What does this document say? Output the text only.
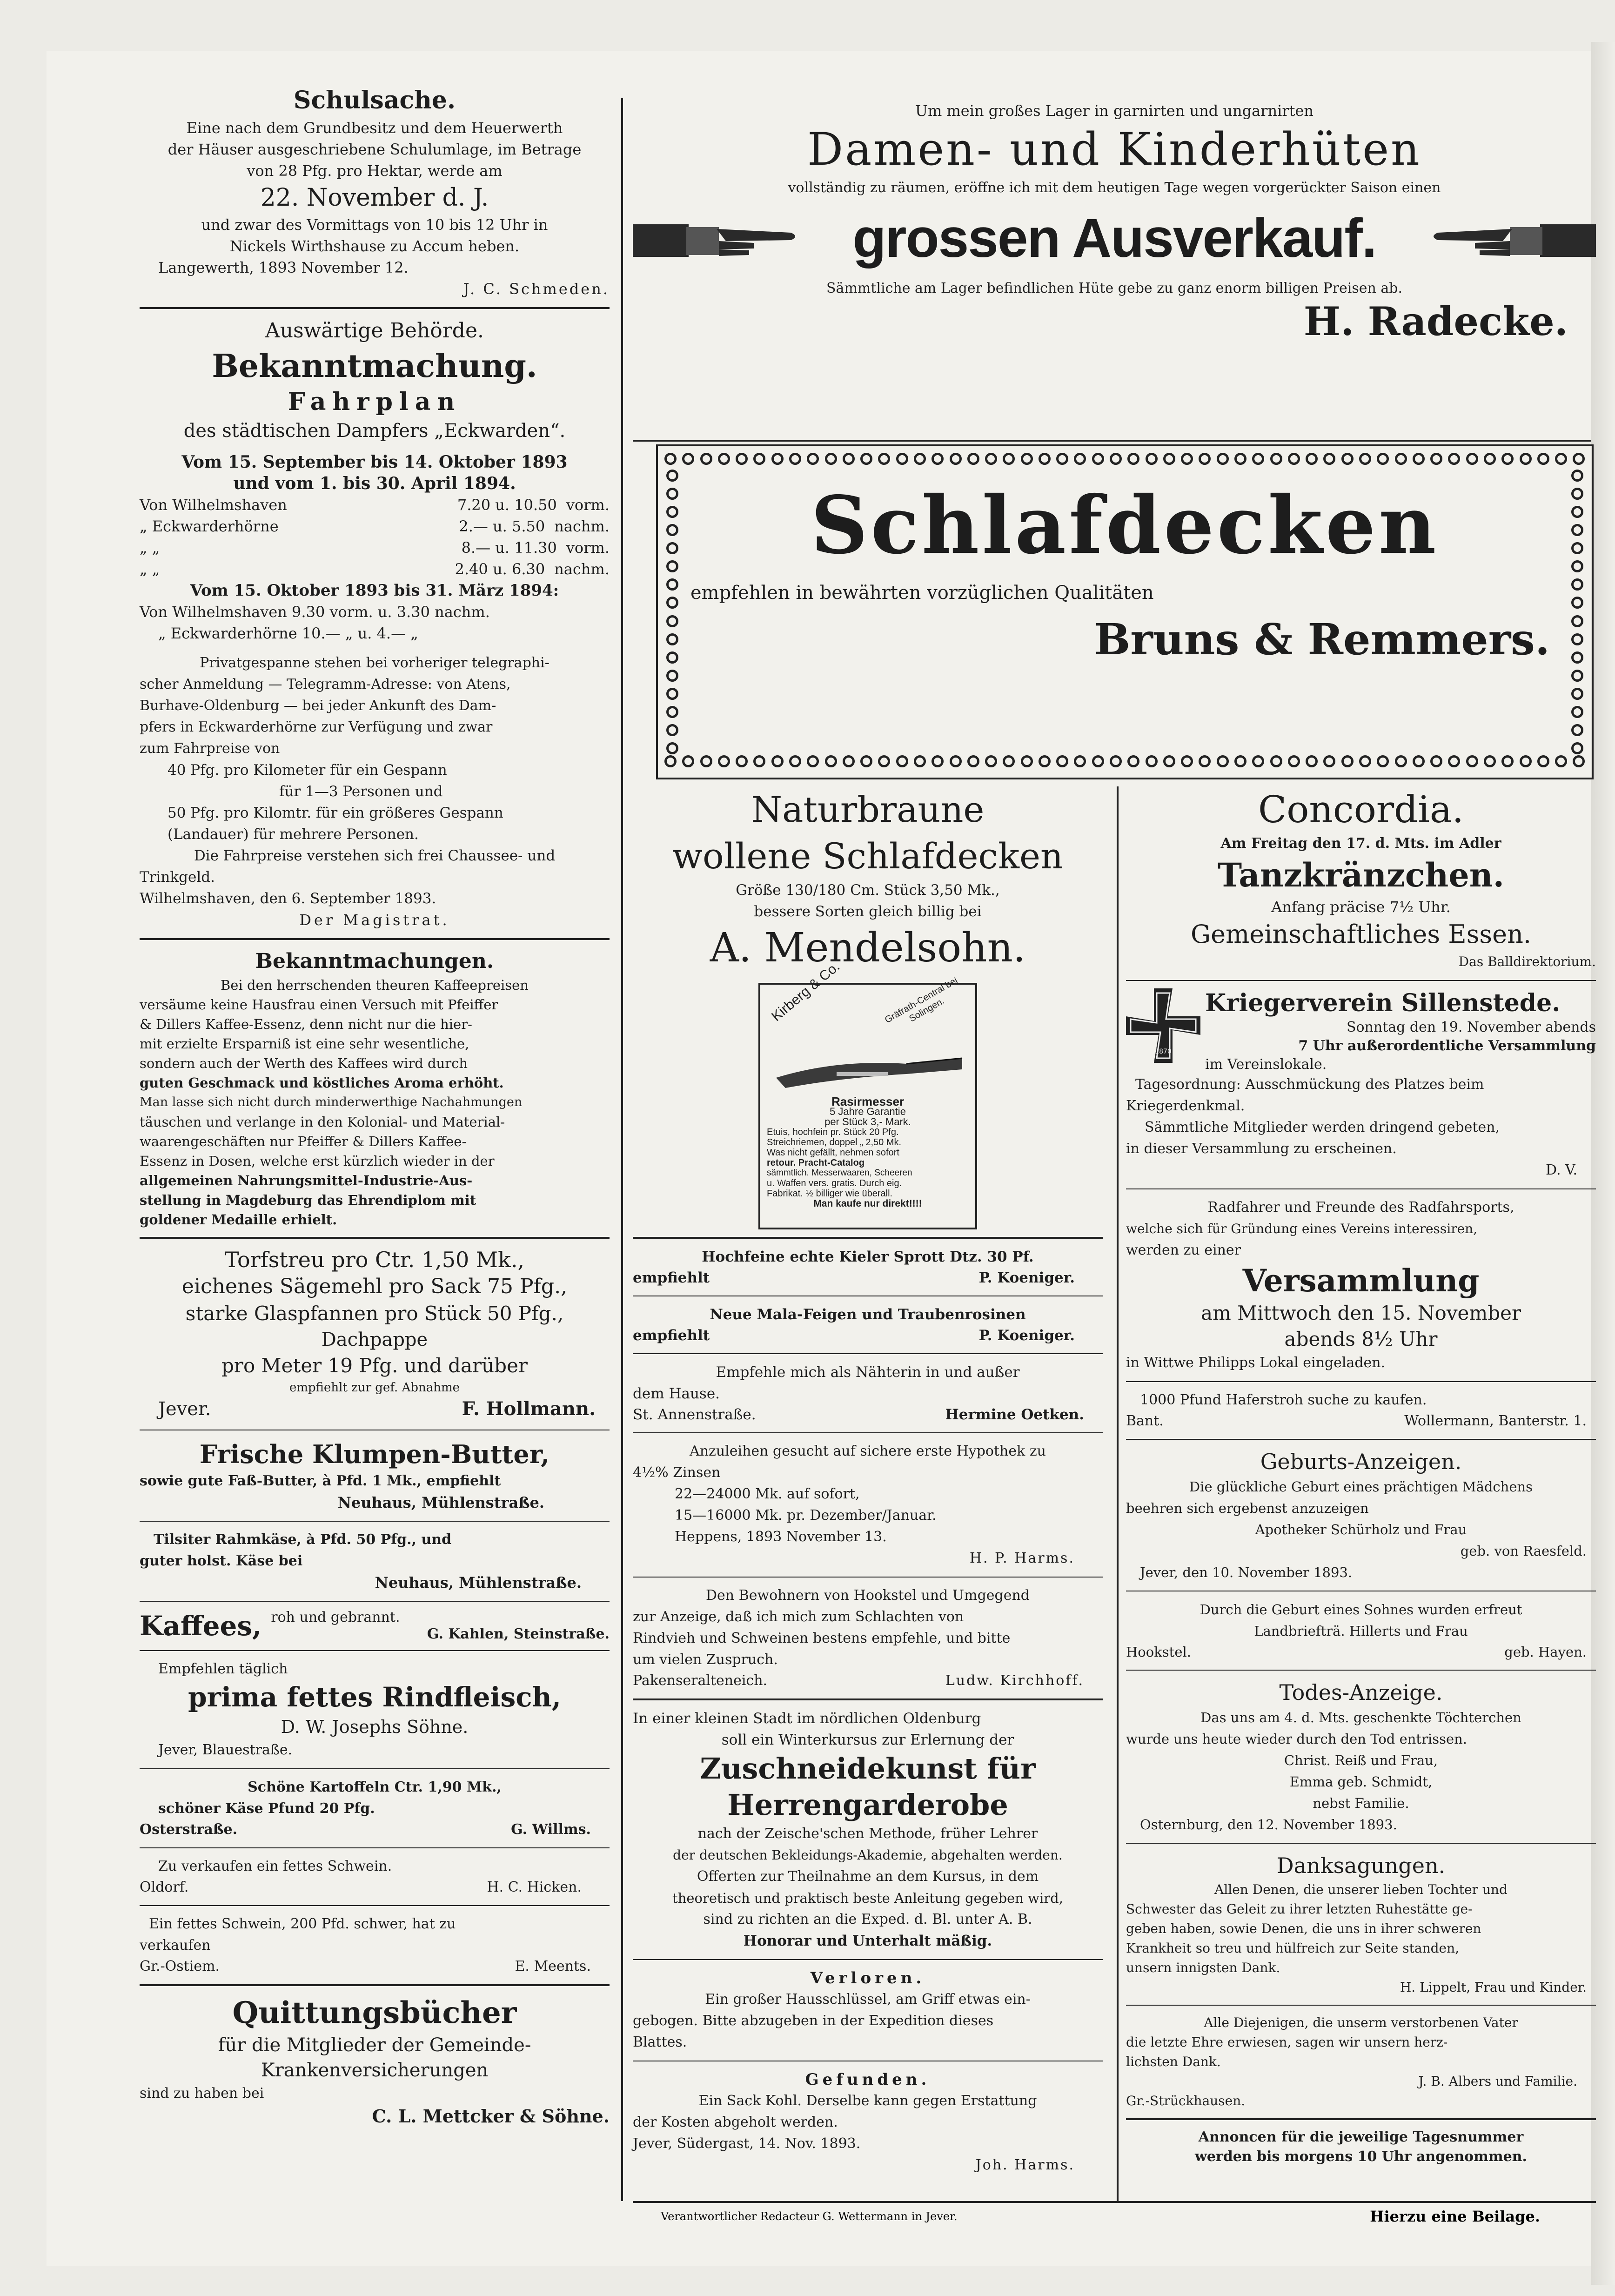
Schulsache.
Eine nach dem Grundbesitz und dem Heuerwerth
der Häuser ausgeschriebene Schulumlage, im Betrage
von 28 Pfg. pro Hektar, werde am
22. November d. J.
und zwar des Vormittags von 10 bis 12 Uhr in
Nickels Wirthshause zu Accum heben.
Langewerth, 1893 November 12.
J. C. Schmeden.
Auswärtige Behörde.
Bekanntmachung.
Fahrplan
des städtischen Dampfers „Eckwarden“.
Vom 15. September bis 14. Oktober 1893
und vom 1. bis 30. April 1894.
Von Wilhelmshaven	7.20 u. 10.50 vorm.
„ Eckwarderhörne	2.— u. 5.50 nachm.
„ „	8.— u. 11.30 vorm.
„ „	2.40 u. 6.30 nachm.
Vom 15. Oktober 1893 bis 31. März 1894:
Von Wilhelmshaven 9.30 vorm. u. 3.30 nachm.
„ Eckwarderhörne 10.— „ u. 4.— „
Privatgespanne stehen bei vorheriger telegraphi-
scher Anmeldung — Telegramm-Adresse: von Atens,
Burhave-Oldenburg — bei jeder Ankunft des Dam-
pfers in Eckwarderhörne zur Verfügung und zwar
zum Fahrpreise von
40 Pfg. pro Kilometer für ein Gespann
für 1—3 Personen und
50 Pfg. pro Kilomtr. für ein größeres Gespann
(Landauer) für mehrere Personen.
Die Fahrpreise verstehen sich frei Chaussee- und
Trinkgeld.
Wilhelmshaven, den 6. September 1893.
Der Magistrat.
Bekanntmachungen.
Bei den herrschenden theuren Kaffeepreisen
versäume keine Hausfrau einen Versuch mit Pfeiffer
& Dillers Kaffee-Essenz, denn nicht nur die hier-
mit erzielte Ersparniß ist eine sehr wesentliche,
sondern auch der Werth des Kaffees wird durch
guten Geschmack und köstliches Aroma erhöht.
Man lasse sich nicht durch minderwerthige Nachahmungen
täuschen und verlange in den Kolonial- und Material-
waarengeschäften nur Pfeiffer & Dillers Kaffee-
Essenz in Dosen, welche erst kürzlich wieder in der
allgemeinen Nahrungsmittel-Industrie-Aus-
stellung in Magdeburg das Ehrendiplom mit
goldener Medaille erhielt.
Torfstreu pro Ctr. 1,50 Mk.,
eichenes Sägemehl pro Sack 75 Pfg.,
starke Glaspfannen pro Stück 50 Pfg.,
Dachpappe
pro Meter 19 Pfg. und darüber
empfiehlt zur gef. Abnahme
Jever.	F. Hollmann.
Frische Klumpen-Butter,
sowie gute Faß-Butter, à Pfd. 1 Mk., empfiehlt
Neuhaus, Mühlenstraße.
Tilsiter Rahmkäse, à Pfd. 50 Pfg., und
guter holst. Käse bei
Neuhaus, Mühlenstraße.
Kaffees, roh und gebrannt.
G. Kahlen, Steinstraße.
Empfehlen täglich
prima fettes Rindfleisch,
D. W. Josephs Söhne.
Jever, Blauestraße.
Schöne Kartoffeln Ctr. 1,90 Mk.,
schöner Käse Pfund 20 Pfg.
Osterstraße.	G. Willms.
Zu verkaufen ein fettes Schwein.
Oldorf.	H. C. Hicken.
Ein fettes Schwein, 200 Pfd. schwer, hat zu
verkaufen
Gr.-Ostiem.	E. Meents.
Quittungsbücher
für die Mitglieder der Gemeinde-
Krankenversicherungen
sind zu haben bei
C. L. Mettcker & Söhne.
Um mein großes Lager in garnirten und ungarnirten
Damen- und Kinderhüten
vollständig zu räumen, eröffne ich mit dem heutigen Tage wegen vorgerückter Saison einen
grossen Ausverkauf.
Sämmtliche am Lager befindlichen Hüte gebe zu ganz enorm billigen Preisen ab.
H. Radecke.
Schlafdecken
empfehlen in bewährten vorzüglichen Qualitäten
Bruns & Remmers.
Naturbraune
wollene Schlafdecken
Größe 130/180 Cm. Stück 3,50 Mk.,
bessere Sorten gleich billig bei
A. Mendelsohn.
Kirberg & Co.	Gräfrath-Central bei Solingen.
Rasirmesser
5 Jahre Garantie
per Stück 3,- Mark.
Etuis, hochfein pr. Stück 20 Pfg.
Streichriemen, doppel „ 2,50 Mk.
Was nicht gefällt, nehmen sofort
retour. Pracht-Catalog
sämmtlich. Messerwaaren, Scheeren
u. Waffen vers. gratis. Durch eig.
Fabrikat. ½ billiger wie überall.
Man kaufe nur direkt!!!!
Hochfeine echte Kieler Sprott Dtz. 30 Pf.
empfiehlt	P. Koeniger.
Neue Mala-Feigen und Traubenrosinen
empfiehlt	P. Koeniger.
Empfehle mich als Nähterin in und außer
dem Hause.
St. Annenstraße.	Hermine Oetken.
Anzuleihen gesucht auf sichere erste Hypothek zu
4½% Zinsen
22—24000 Mk. auf sofort,
15—16000 Mk. pr. Dezember/Januar.
Heppens, 1893 November 13.
H. P. Harms.
Den Bewohnern von Hookstel und Umgegend
zur Anzeige, daß ich mich zum Schlachten von
Rindvieh und Schweinen bestens empfehle, und bitte
um vielen Zuspruch.
Pakenseralteneich.	Ludw. Kirchhoff.
In einer kleinen Stadt im nördlichen Oldenburg
soll ein Winterkursus zur Erlernung der
Zuschneidekunst für
Herrengarderobe
nach der Zeische'schen Methode, früher Lehrer
der deutschen Bekleidungs-Akademie, abgehalten werden.
Offerten zur Theilnahme an dem Kursus, in dem
theoretisch und praktisch beste Anleitung gegeben wird,
sind zu richten an die Exped. d. Bl. unter A. B.
Honorar und Unterhalt mäßig.
Verloren.
Ein großer Hausschlüssel, am Griff etwas ein-
gebogen. Bitte abzugeben in der Expedition dieses
Blattes.
Gefunden.
Ein Sack Kohl. Derselbe kann gegen Erstattung
der Kosten abgeholt werden.
Jever, Südergast, 14. Nov. 1893.
Joh. Harms.
Concordia.
Am Freitag den 17. d. Mts. im Adler
Tanzkränzchen.
Anfang präcise 7½ Uhr.
Gemeinschaftliches Essen.
Das Balldirektorium.
1870
Kriegerverein Sillenstede.
Sonntag den 19. November abends
7 Uhr außerordentliche Versammlung
im Vereinslokale.
Tagesordnung: Ausschmückung des Platzes beim
Kriegerdenkmal.
Sämmtliche Mitglieder werden dringend gebeten,
in dieser Versammlung zu erscheinen.
D. V.
Radfahrer und Freunde des Radfahrsports,
welche sich für Gründung eines Vereins interessiren,
werden zu einer
Versammlung
am Mittwoch den 15. November
abends 8½ Uhr
in Wittwe Philipps Lokal eingeladen.
1000 Pfund Haferstroh suche zu kaufen.
Bant.	Wollermann, Banterstr. 1.
Geburts-Anzeigen.
Die glückliche Geburt eines prächtigen Mädchens
beehren sich ergebenst anzuzeigen
Apotheker Schürholz und Frau
geb. von Raesfeld.
Jever, den 10. November 1893.
Durch die Geburt eines Sohnes wurden erfreut
Landbriefträ. Hillerts und Frau
Hookstel.	geb. Hayen.
Todes-Anzeige.
Das uns am 4. d. Mts. geschenkte Töchterchen
wurde uns heute wieder durch den Tod entrissen.
Christ. Reiß und Frau,
Emma geb. Schmidt,
nebst Familie.
Osternburg, den 12. November 1893.
Danksagungen.
Allen Denen, die unserer lieben Tochter und
Schwester das Geleit zu ihrer letzten Ruhestätte ge-
geben haben, sowie Denen, die uns in ihrer schweren
Krankheit so treu und hülfreich zur Seite standen,
unsern innigsten Dank.
H. Lippelt, Frau und Kinder.
Alle Diejenigen, die unserm verstorbenen Vater
die letzte Ehre erwiesen, sagen wir unsern herz-
lichsten Dank.
J. B. Albers und Familie.
Gr.-Strückhausen.
Annoncen für die jeweilige Tagesnummer
werden bis morgens 10 Uhr angenommen.
Verantwortlicher Redacteur G. Wettermann in Jever.	Hierzu eine Beilage.
